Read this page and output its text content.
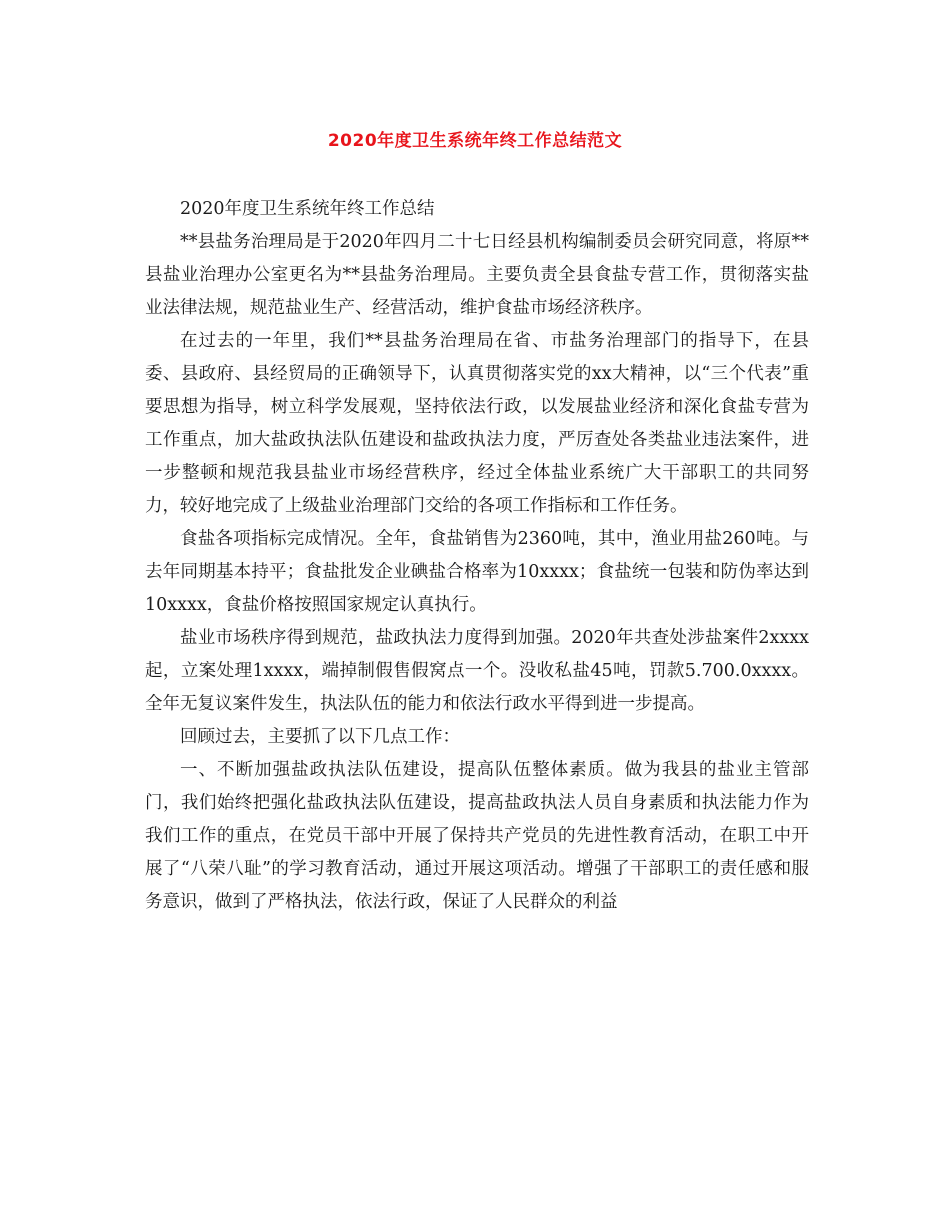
2020年度卫生系统年终工作总结范文

2020年度卫生系统年终工作总结

**县盐务治理局是于2020年四月二十七日经县机构编制委员会研究同意，将原**县盐业治理办公室更名为**县盐务治理局。主要负责全县食盐专营工作，贯彻落实盐业法律法规，规范盐业生产、经营活动，维护食盐市场经济秩序。

在过去的一年里，我们**县盐务治理局在省、市盐务治理部门的指导下，在县委、县政府、县经贸局的正确领导下，认真贯彻落实党的xx大精神，以“三个代表”重要思想为指导，树立科学发展观，坚持依法行政，以发展盐业经济和深化食盐专营为工作重点，加大盐政执法队伍建设和盐政执法力度，严厉查处各类盐业违法案件，进一步整顿和规范我县盐业市场经营秩序，经过全体盐业系统广大干部职工的共同努力，较好地完成了上级盐业治理部门交给的各项工作指标和工作任务。

食盐各项指标完成情况。全年，食盐销售为2360吨，其中，渔业用盐260吨。与去年同期基本持平；食盐批发企业碘盐合格率为10xxxx；食盐统一包装和防伪率达到10xxxx，食盐价格按照国家规定认真执行。

盐业市场秩序得到规范，盐政执法力度得到加强。2020年共查处涉盐案件2xxxx起，立案处理1xxxx，端掉制假售假窝点一个。没收私盐45吨，罚款5.700.0xxxx。全年无复议案件发生，执法队伍的能力和依法行政水平得到进一步提高。

回顾过去，主要抓了以下几点工作：

一、不断加强盐政执法队伍建设，提高队伍整体素质。做为我县的盐业主管部门，我们始终把强化盐政执法队伍建设，提高盐政执法人员自身素质和执法能力作为我们工作的重点，在党员干部中开展了保持共产党员的先进性教育活动，在职工中开展了“八荣八耻”的学习教育活动，通过开展这项活动。增强了干部职工的责任感和服务意识，做到了严格执法，依法行政，保证了人民群众的利益
